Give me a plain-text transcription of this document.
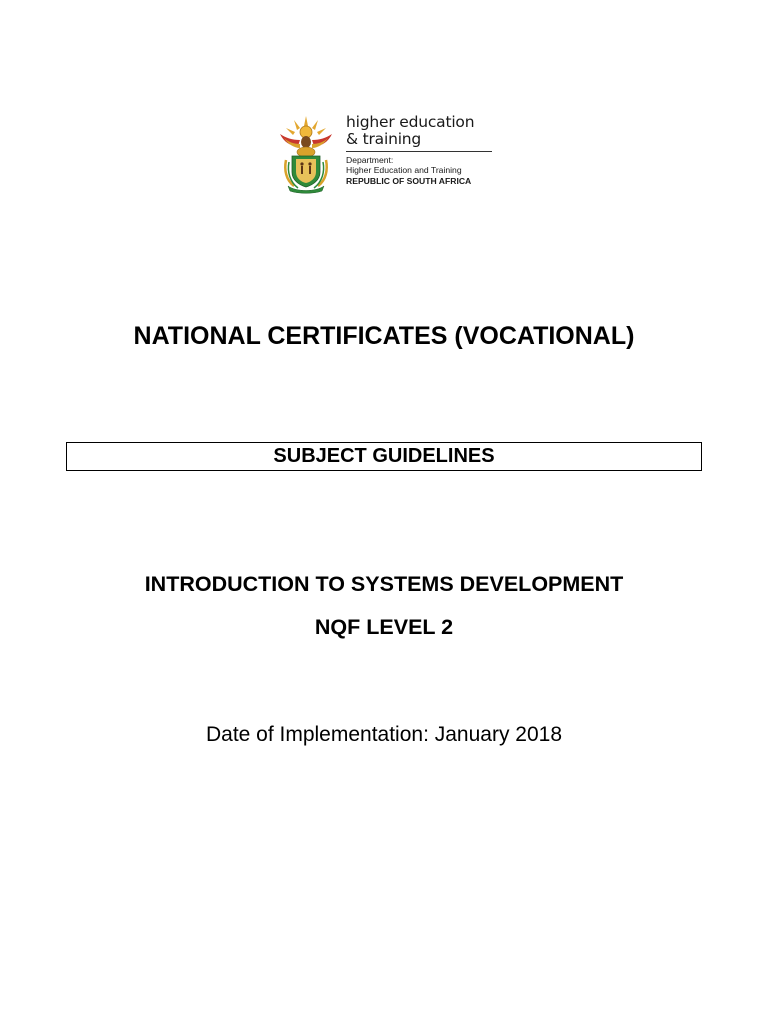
higher education
& training
Department:
Higher Education and Training
REPUBLIC OF SOUTH AFRICA
NATIONAL CERTIFICATES (VOCATIONAL)
SUBJECT GUIDELINES
INTRODUCTION TO SYSTEMS DEVELOPMENT
NQF LEVEL 2
Date of Implementation: January 2018
